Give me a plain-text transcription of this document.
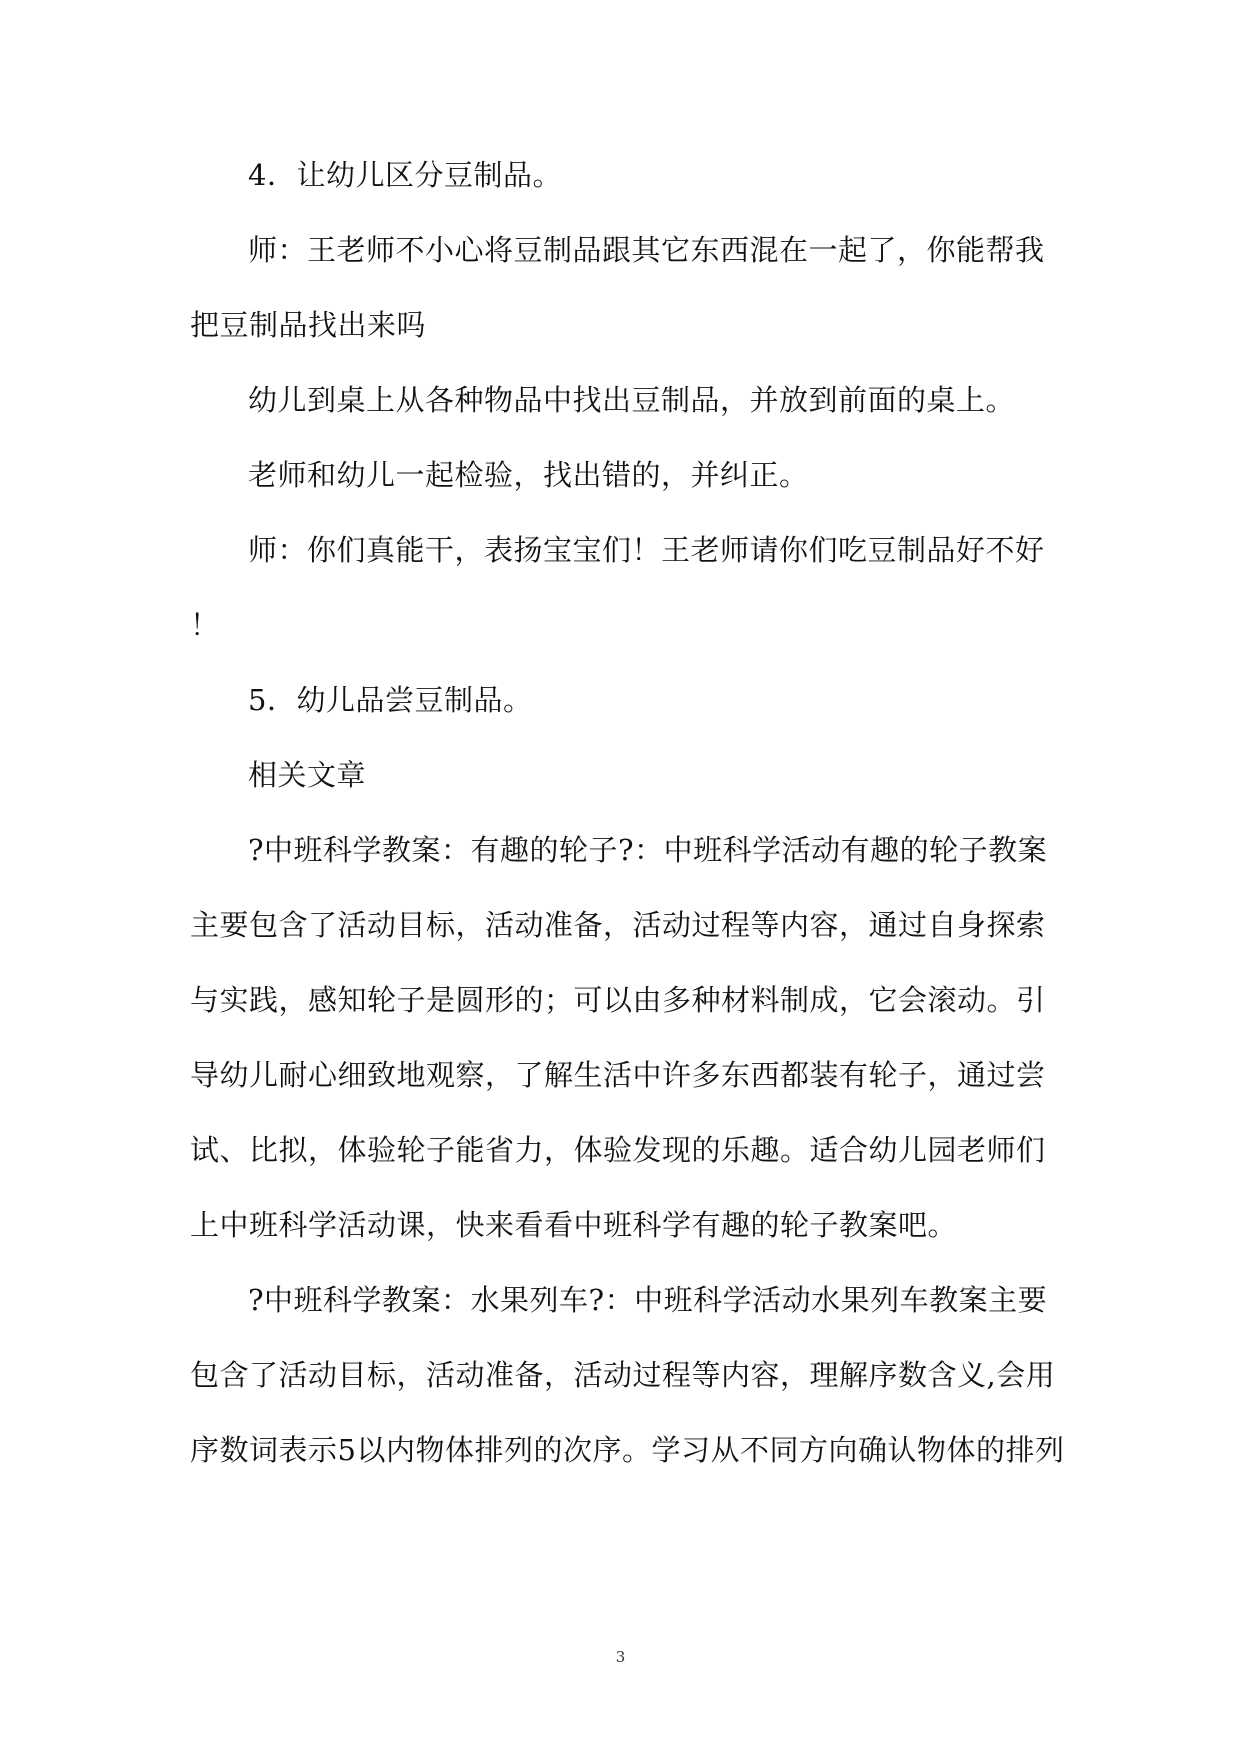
4．让幼儿区分豆制品。
师：王老师不小心将豆制品跟其它东西混在一起了，你能帮我
把豆制品找出来吗
幼儿到桌上从各种物品中找出豆制品，并放到前面的桌上。
老师和幼儿一起检验，找出错的，并纠正。
师：你们真能干，表扬宝宝们！王老师请你们吃豆制品好不好
！
5．幼儿品尝豆制品。
相关文章
?中班科学教案：有趣的轮子?：中班科学活动有趣的轮子教案
主要包含了活动目标，活动准备，活动过程等内容，通过自身探索
与实践，感知轮子是圆形的；可以由多种材料制成，它会滚动。引
导幼儿耐心细致地观察，了解生活中许多东西都装有轮子，通过尝
试、比拟，体验轮子能省力，体验发现的乐趣。适合幼儿园老师们
上中班科学活动课，快来看看中班科学有趣的轮子教案吧。
?中班科学教案：水果列车?：中班科学活动水果列车教案主要
包含了活动目标，活动准备，活动过程等内容，理解序数含义,会用
序数词表示5以内物体排列的次序。学习从不同方向确认物体的排列
3
